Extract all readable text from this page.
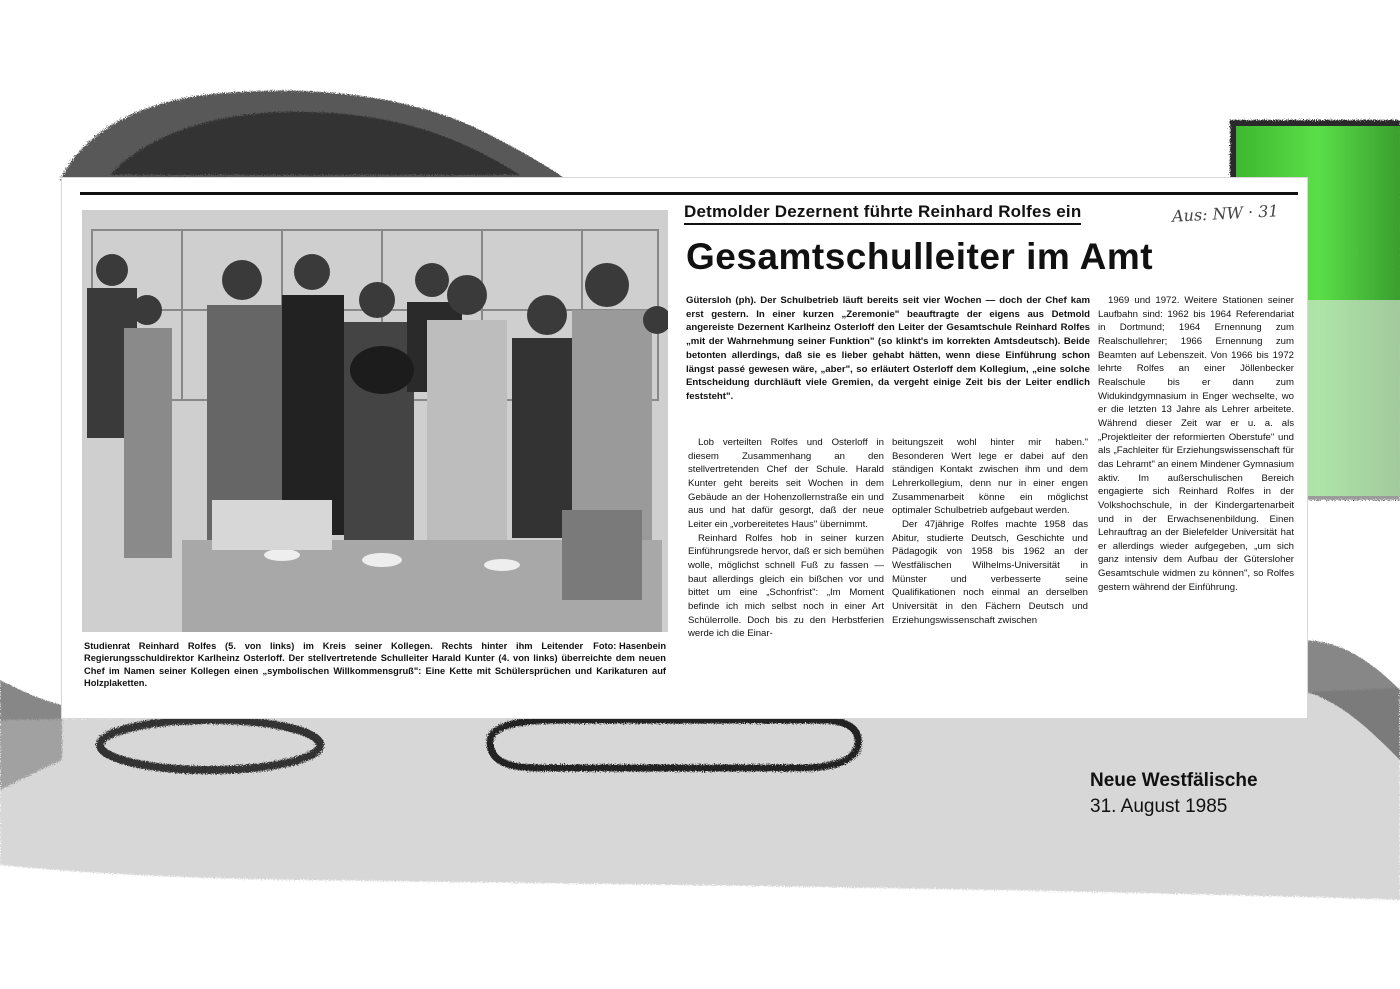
Foto: Hasenbein
Studienrat Reinhard Rolfes (5. von links) im Kreis seiner Kollegen. Rechts hinter ihm Leitender Regierungsschuldirektor Karlheinz Osterloff. Der stellvertretende Schulleiter Harald Kunter (4. von links) überreichte dem neuen Chef im Namen seiner Kollegen einen „symbolischen Willkommensgruß": Eine Kette mit Schülersprüchen und Karikaturen auf Holzplaketten.
Detmolder Dezernent führte Reinhard Rolfes ein	Aus: NW · 31
Gesamtschulleiter im Amt
Gütersloh (ph). Der Schulbetrieb läuft bereits seit vier Wochen — doch der Chef kam erst gestern. In einer kurzen „Zeremonie" beauftragte der eigens aus Detmold angereiste Dezernent Karlheinz Osterloff den Leiter der Gesamtschule Reinhard Rolfes „mit der Wahrnehmung seiner Funktion" (so klinkt's im korrekten Amtsdeutsch). Beide betonten allerdings, daß sie es lieber gehabt hätten, wenn diese Einführung schon längst passé gewesen wäre, „aber", so erläutert Osterloff dem Kollegium, „eine solche Entscheidung durchläuft viele Gremien, da vergeht einige Zeit bis der Leiter endlich feststeht".

Lob verteilten Rolfes und Osterloff in diesem Zusammenhang an den stellvertretenden Chef der Schule. Harald Kunter geht bereits seit Wochen in dem Gebäude an der Hohenzollernstraße ein und aus und hat dafür gesorgt, daß der neue Leiter ein „vorbereitetes Haus" übernimmt.

Reinhard Rolfes hob in seiner kurzen Einführungsrede hervor, daß er sich bemühen wolle, möglichst schnell Fuß zu fassen — baut allerdings gleich ein bißchen vor und bittet um eine „Schonfrist": „Im Moment befinde ich mich selbst noch in einer Art Schülerrolle. Doch bis zu den Herbstferien werde ich die Einar-

beitungszeit wohl hinter mir haben." Besonderen Wert lege er dabei auf den ständigen Kontakt zwischen ihm und dem Lehrerkollegium, denn nur in einer engen Zusammenarbeit könne ein möglichst optimaler Schulbetrieb aufgebaut werden.

Der 47jährige Rolfes machte 1958 das Abitur, studierte Deutsch, Geschichte und Pädagogik von 1958 bis 1962 an der Westfälischen Wilhelms-Universität in Münster und verbesserte seine Qualifikationen noch einmal an derselben Universität in den Fächern Deutsch und Erziehungswissenschaft zwischen

1969 und 1972. Weitere Stationen seiner Laufbahn sind: 1962 bis 1964 Referendariat in Dortmund; 1964 Ernennung zum Realschullehrer; 1966 Ernennung zum Beamten auf Lebenszeit. Von 1966 bis 1972 lehrte Rolfes an einer Jöllenbecker Realschule bis er dann zum Widukindgymnasium in Enger wechselte, wo er die letzten 13 Jahre als Lehrer arbeitete. Während dieser Zeit war er u. a. als „Projektleiter der reformierten Oberstufe" und als „Fachleiter für Erziehungswissenschaft für das Lehramt" an einem Mindener Gymnasium aktiv. Im außerschulischen Bereich engagierte sich Reinhard Rolfes in der Volkshochschule, in der Kindergartenarbeit und in der Erwachsenenbildung. Einen Lehrauftrag an der Bielefelder Universität hat er allerdings wieder aufgegeben, „um sich ganz intensiv dem Aufbau der Gütersloher Gesamtschule widmen zu können", so Rolfes gestern während der Einführung.

Neue Westfälische
31. August 1985
